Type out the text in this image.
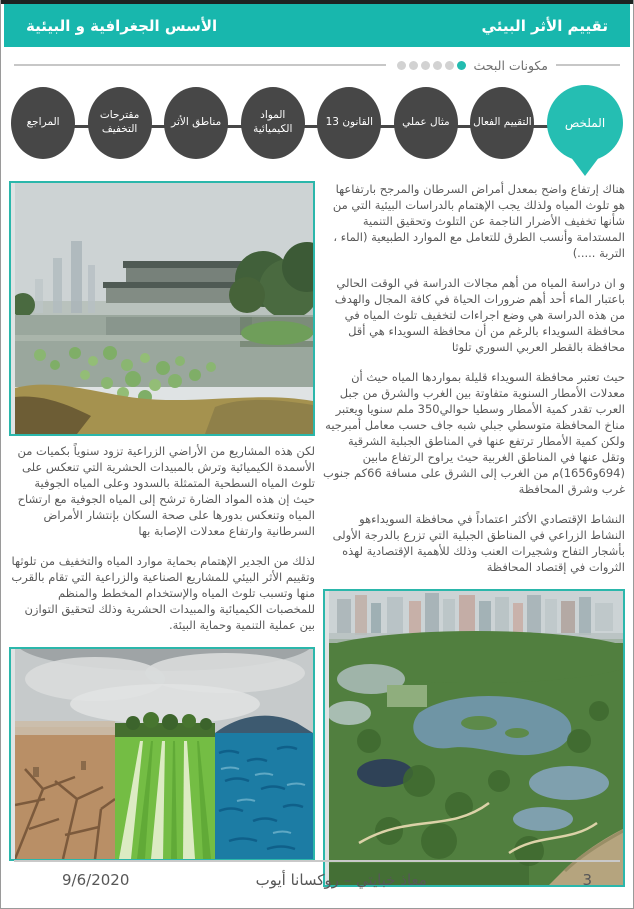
تقييم الأثر البيئي
الأسس الجغرافية و البيئية
مكونات البحث
الملخص
التقييم الفعال
مثال عملي
القانون 13
المواد الكيميائية
مناطق الأثر
مقترحات التخفيف
المراجع

هناك إرتفاع واضح بمعدل أمراض السرطان والمرجح بارتفاعها هو تلوث المياه ولذلك يجب الإهتمام بالدراسات البيئية التي من شأنها تخفيف الأضرار الناجمة عن التلوث وتحقيق التنمية المستدامة وأنسب الطرق للتعامل مع الموارد الطبيعية (الماء ، التربة .....)

و ان دراسة المياه من أهم مجالات الدراسة في الوقت الحالي باعتبار الماء أحد أهم ضرورات الحياة في كافة المجال والهدف من هذه الدراسة هي وضع اجراءات لتخفيف تلوث المياه في محافظة السويداء بالرغم من أن محافظة السويداء هي أقل محافظة بالقطر العربي السوري تلوثا

حيث تعتبر محافظة السويداء قليلة بمواردها المياه حيث أن معدلات الأمطار السنوية متفاوتة بين الغرب والشرق من جبل العرب تقدر كمية الأمطار وسطيا حوالي350 ملم سنويا ويعتبر مناخ المحافظة متوسطي جبلي شبه جاف حسب معامل أمبرجيه ولكن كمية الأمطار ترتفع عنها في المناطق الجبلية الشرقية وتقل عنها في المناطق الغربية حيث يراوح الرتفاع مابين (694و1656)م من الغرب إلى الشرق على مسافة 66كم جنوب غرب وشرق المحافظة

النشاط الإقتصادي الأكثر اعتماداً في محافظة السويداءهو النشاط الزراعي في المناطق الجبلية التي تزرع بالدرجة الأولى بأشجار التفاح وشجيرات العنب وذلك للأهمية الإقتصادية لهذه الثروات في إقتصاد المحافظة

لكن هذه المشاريع من الأراضي الزراعية تزود سنوياً بكميات من الأسمدة الكيميائية وترش بالمبيدات الحشرية التي تنعكس على تلوث المياه السطحية المتمثلة بالسدود وعلى المياه الجوفية حيث إن هذه المواد الضارة ترشح إلى المياه الجوفية مع ارتشاح المياه وتنعكس بدورها على صحة السكان بإنتشار الأمراض السرطانية وارتفاع معدلات الإصابة بها

لذلك من الجدير الإهتمام بحماية موارد المياه والتخفيف من تلوثها وتقييم الأثر البيئي للمشاريع الصناعية والزراعية التي تقام بالقرب منها وتسبب تلوث المياه والإستخدام المخطط والمنظم للمخصبات الكيميائية والمبيدات الحشرية وذلك لتحقيق التوازن بين عملية التنمية وحماية البيئة.

9/6/2020	معاذ خبايتي – روكسانا أيوب	3
